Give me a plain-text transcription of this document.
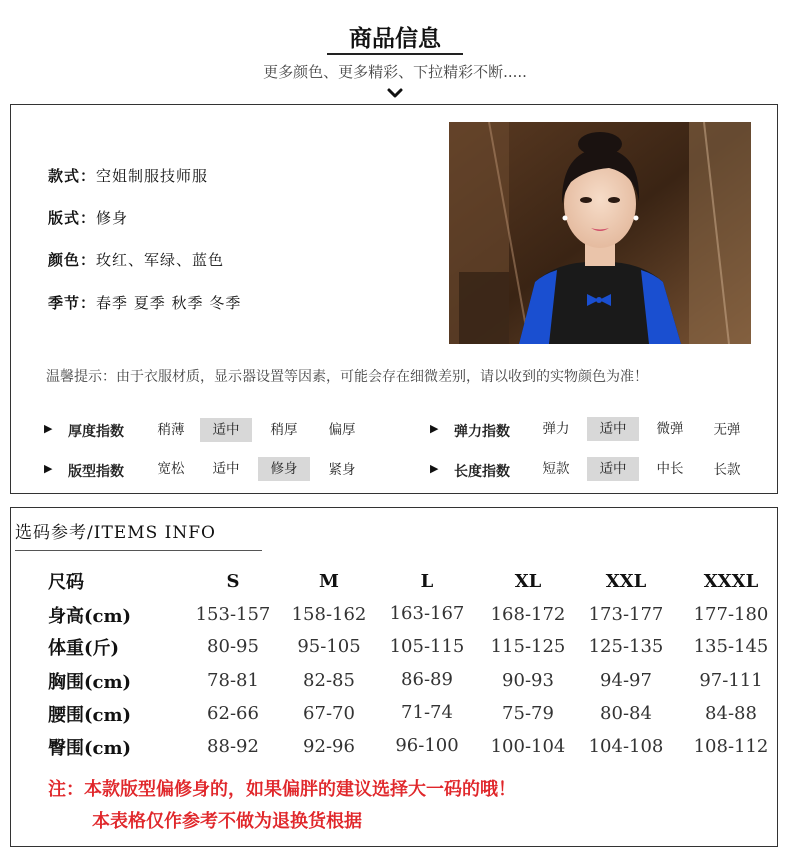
商品信息
更多颜色、更多精彩、下拉精彩不断.....
款式：空姐制服技师服
版式：修身
颜色：玫红、军绿、蓝色
季节：春季 夏季 秋季 冬季
温馨提示：由于衣服材质，显示器设置等因素，可能会存在细微差别，请以收到的实物颜色为准！
▶ 厚度指数	稍薄	适中	稍厚	偏厚	▶ 弹力指数	弹力	适中	微弹	无弹
▶ 版型指数	宽松	适中	修身	紧身	▶ 长度指数	短款	适中	中长	长款
选码参考/ITEMS INFO
尺码	S	M	L	XL	XXL	XXXL
身高(cm)	153-157	158-162	163-167	168-172	173-177	177-180
体重(斤)	80-95	95-105	105-115	115-125	125-135	135-145
胸围(cm)	78-81	82-85	86-89	90-93	94-97	97-111
腰围(cm)	62-66	67-70	71-74	75-79	80-84	84-88
臀围(cm)	88-92	92-96	96-100	100-104	104-108	108-112
注：本款版型偏修身的，如果偏胖的建议选择大一码的哦！
本表格仅作参考不做为退换货根据
